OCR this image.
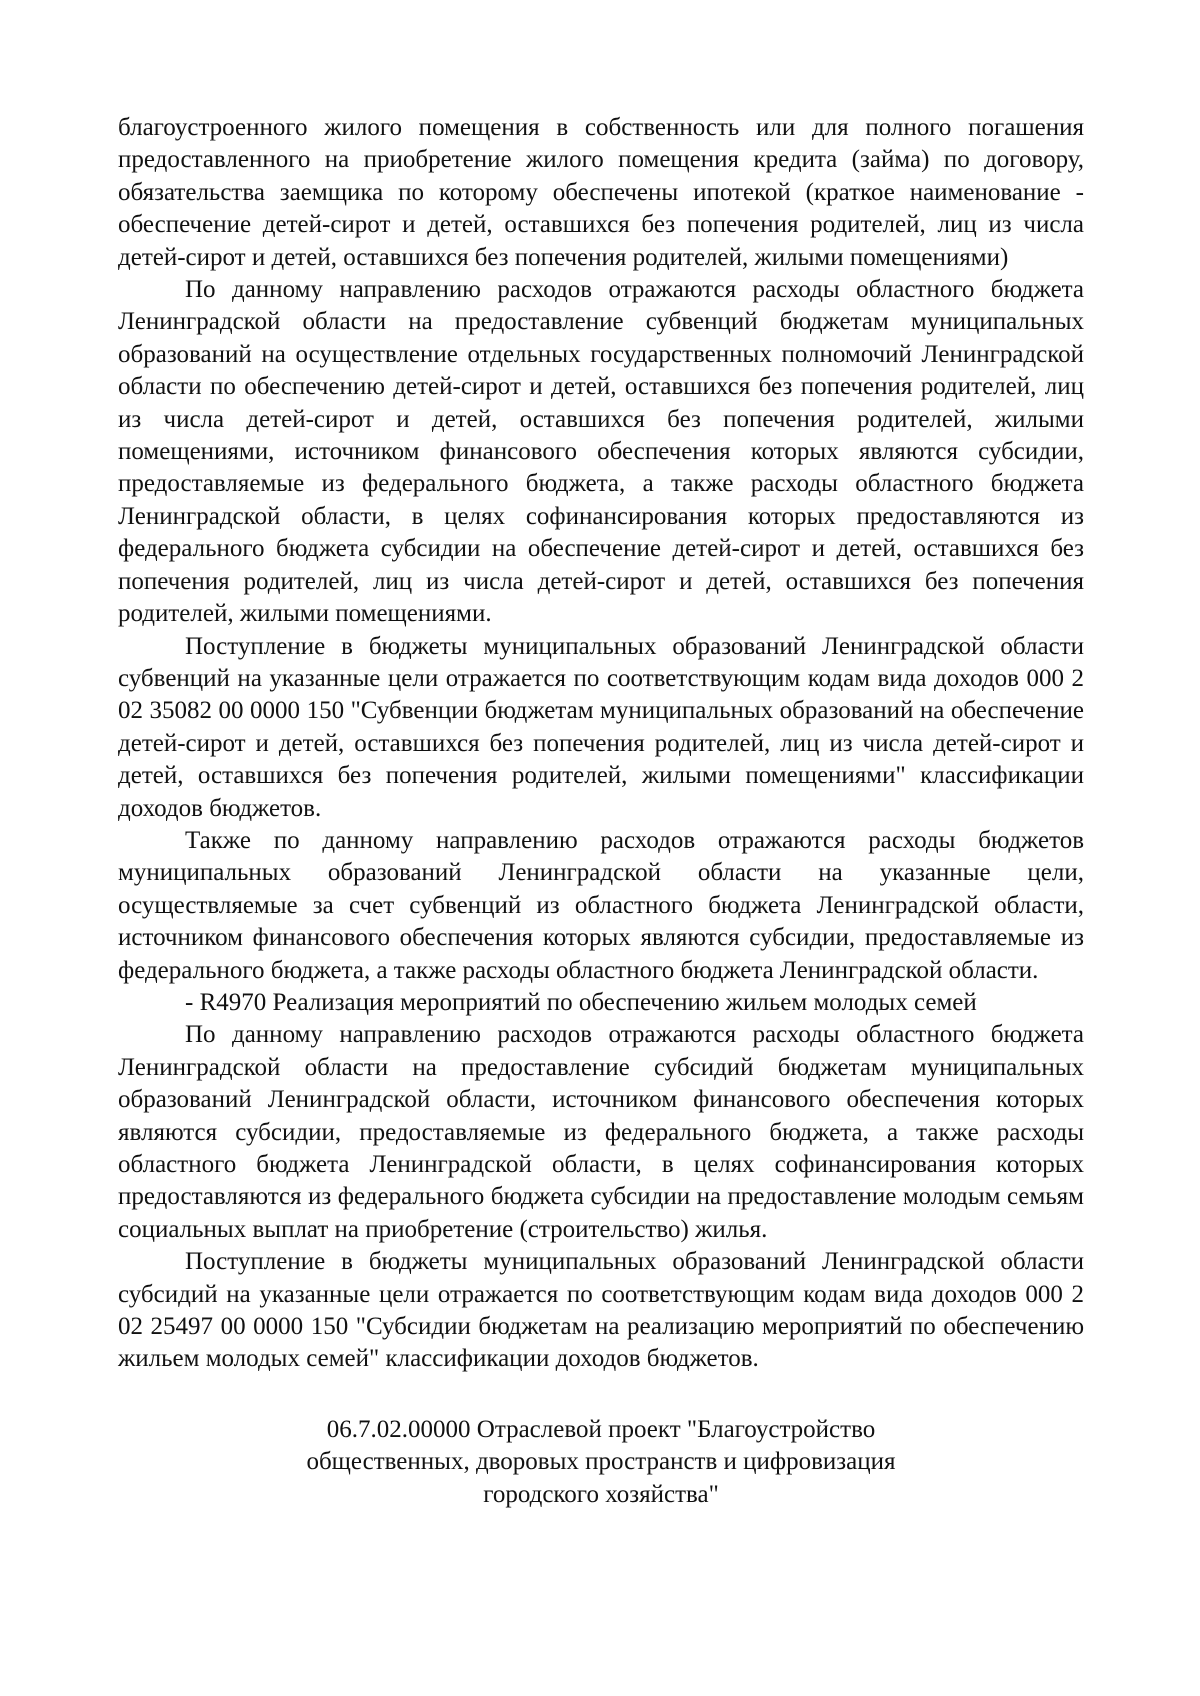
благоустроенного жилого помещения в собственность или для полного погашения предоставленного на приобретение жилого помещения кредита (займа) по договору, обязательства заемщика по которому обеспечены ипотекой (краткое наименование - обеспечение детей-сирот и детей, оставшихся без попечения родителей, лиц из числа детей-сирот и детей, оставшихся без попечения родителей, жилыми помещениями)

По данному направлению расходов отражаются расходы областного бюджета Ленинградской области на предоставление субвенций бюджетам муниципальных образований на осуществление отдельных государственных полномочий Ленинградской области по обеспечению детей-сирот и детей, оставшихся без попечения родителей, лиц из числа детей-сирот и детей, оставшихся без попечения родителей, жилыми помещениями, источником финансового обеспечения которых являются субсидии, предоставляемые из федерального бюджета, а также расходы областного бюджета Ленинградской области, в целях софинансирования которых предоставляются из федерального бюджета субсидии на обеспечение детей-сирот и детей, оставшихся без попечения родителей, лиц из числа детей-сирот и детей, оставшихся без попечения родителей, жилыми помещениями.

Поступление в бюджеты муниципальных образований Ленинградской области субвенций на указанные цели отражается по соответствующим кодам вида доходов 000 2 02 35082 00 0000 150 "Субвенции бюджетам муниципальных образований на обеспечение детей-сирот и детей, оставшихся без попечения родителей, лиц из числа детей-сирот и детей, оставшихся без попечения родителей, жилыми помещениями" классификации доходов бюджетов.

Также по данному направлению расходов отражаются расходы бюджетов муниципальных образований Ленинградской области на указанные цели, осуществляемые за счет субвенций из областного бюджета Ленинградской области, источником финансового обеспечения которых являются субсидии, предоставляемые из федерального бюджета, а также расходы областного бюджета Ленинградской области.

- R4970 Реализация мероприятий по обеспечению жильем молодых семей

По данному направлению расходов отражаются расходы областного бюджета Ленинградской области на предоставление субсидий бюджетам муниципальных образований Ленинградской области, источником финансового обеспечения которых являются субсидии, предоставляемые из федерального бюджета, а также расходы областного бюджета Ленинградской области, в целях софинансирования которых предоставляются из федерального бюджета субсидии на предоставление молодым семьям социальных выплат на приобретение (строительство) жилья.

Поступление в бюджеты муниципальных образований Ленинградской области субсидий на указанные цели отражается по соответствующим кодам вида доходов 000 2 02 25497 00 0000 150 "Субсидии бюджетам на реализацию мероприятий по обеспечению жильем молодых семей" классификации доходов бюджетов.

06.7.02.00000 Отраслевой проект "Благоустройство
общественных, дворовых пространств и цифровизация
городского хозяйства"
